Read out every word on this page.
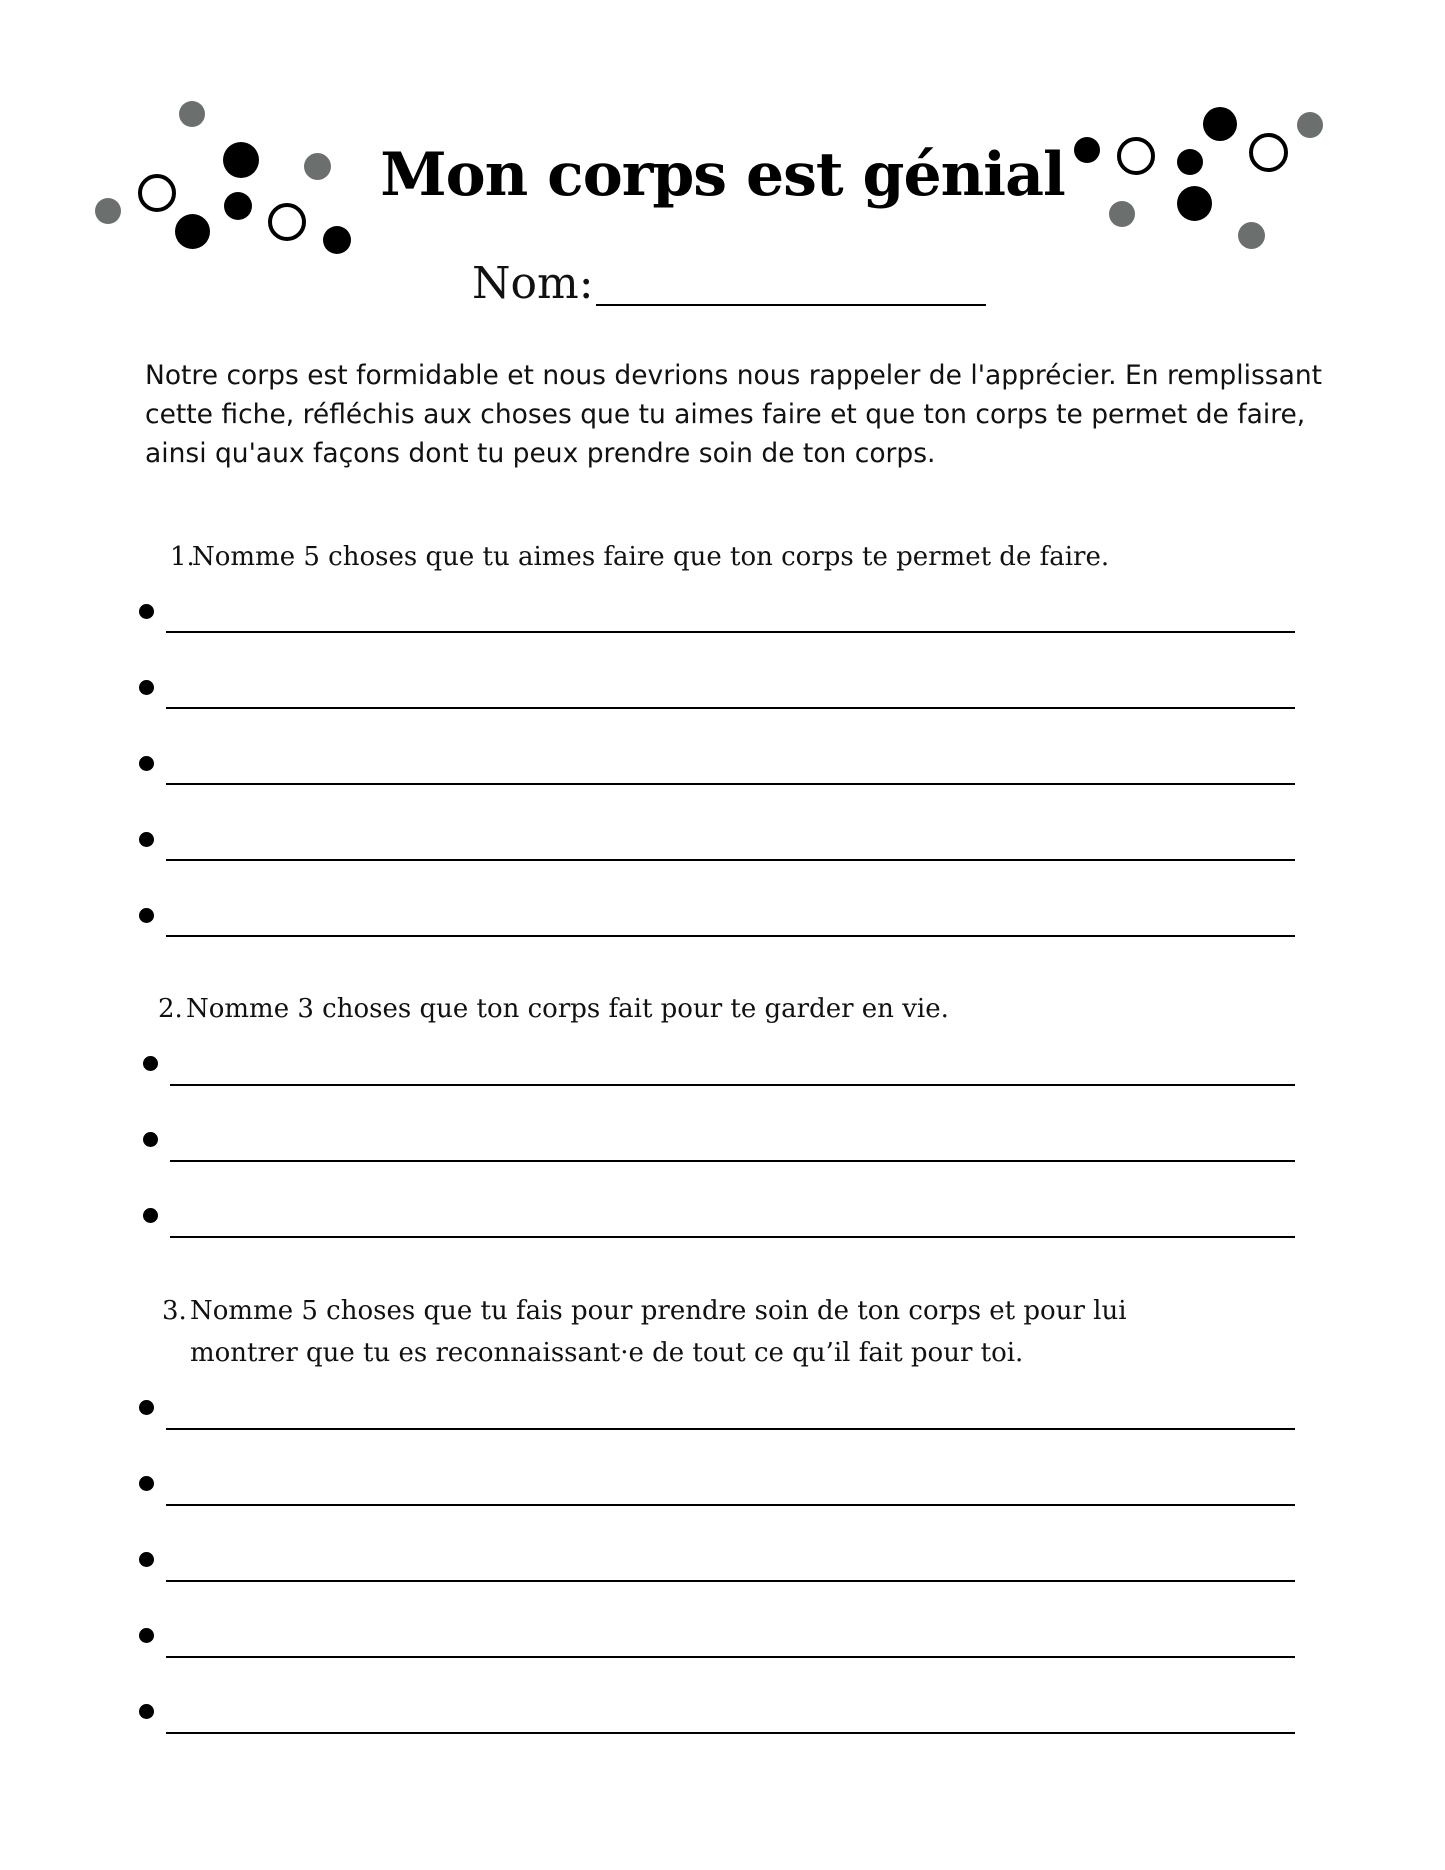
Mon corps est génial
Nom:

Notre corps est formidable et nous devrions nous rappeler de l'apprécier. En remplissant cette fiche, réfléchis aux choses que tu aimes faire et que ton corps te permet de faire, ainsi qu'aux façons dont tu peux prendre soin de ton corps.

1.
Nomme 5 choses que tu aimes faire que ton corps te permet de faire.
2. Nomme 3 choses que ton corps fait pour te garder en vie.
3. Nomme 5 choses que tu fais pour prendre soin de ton corps et pour lui montrer que tu es reconnaissant·e de tout ce qu’il fait pour toi.
